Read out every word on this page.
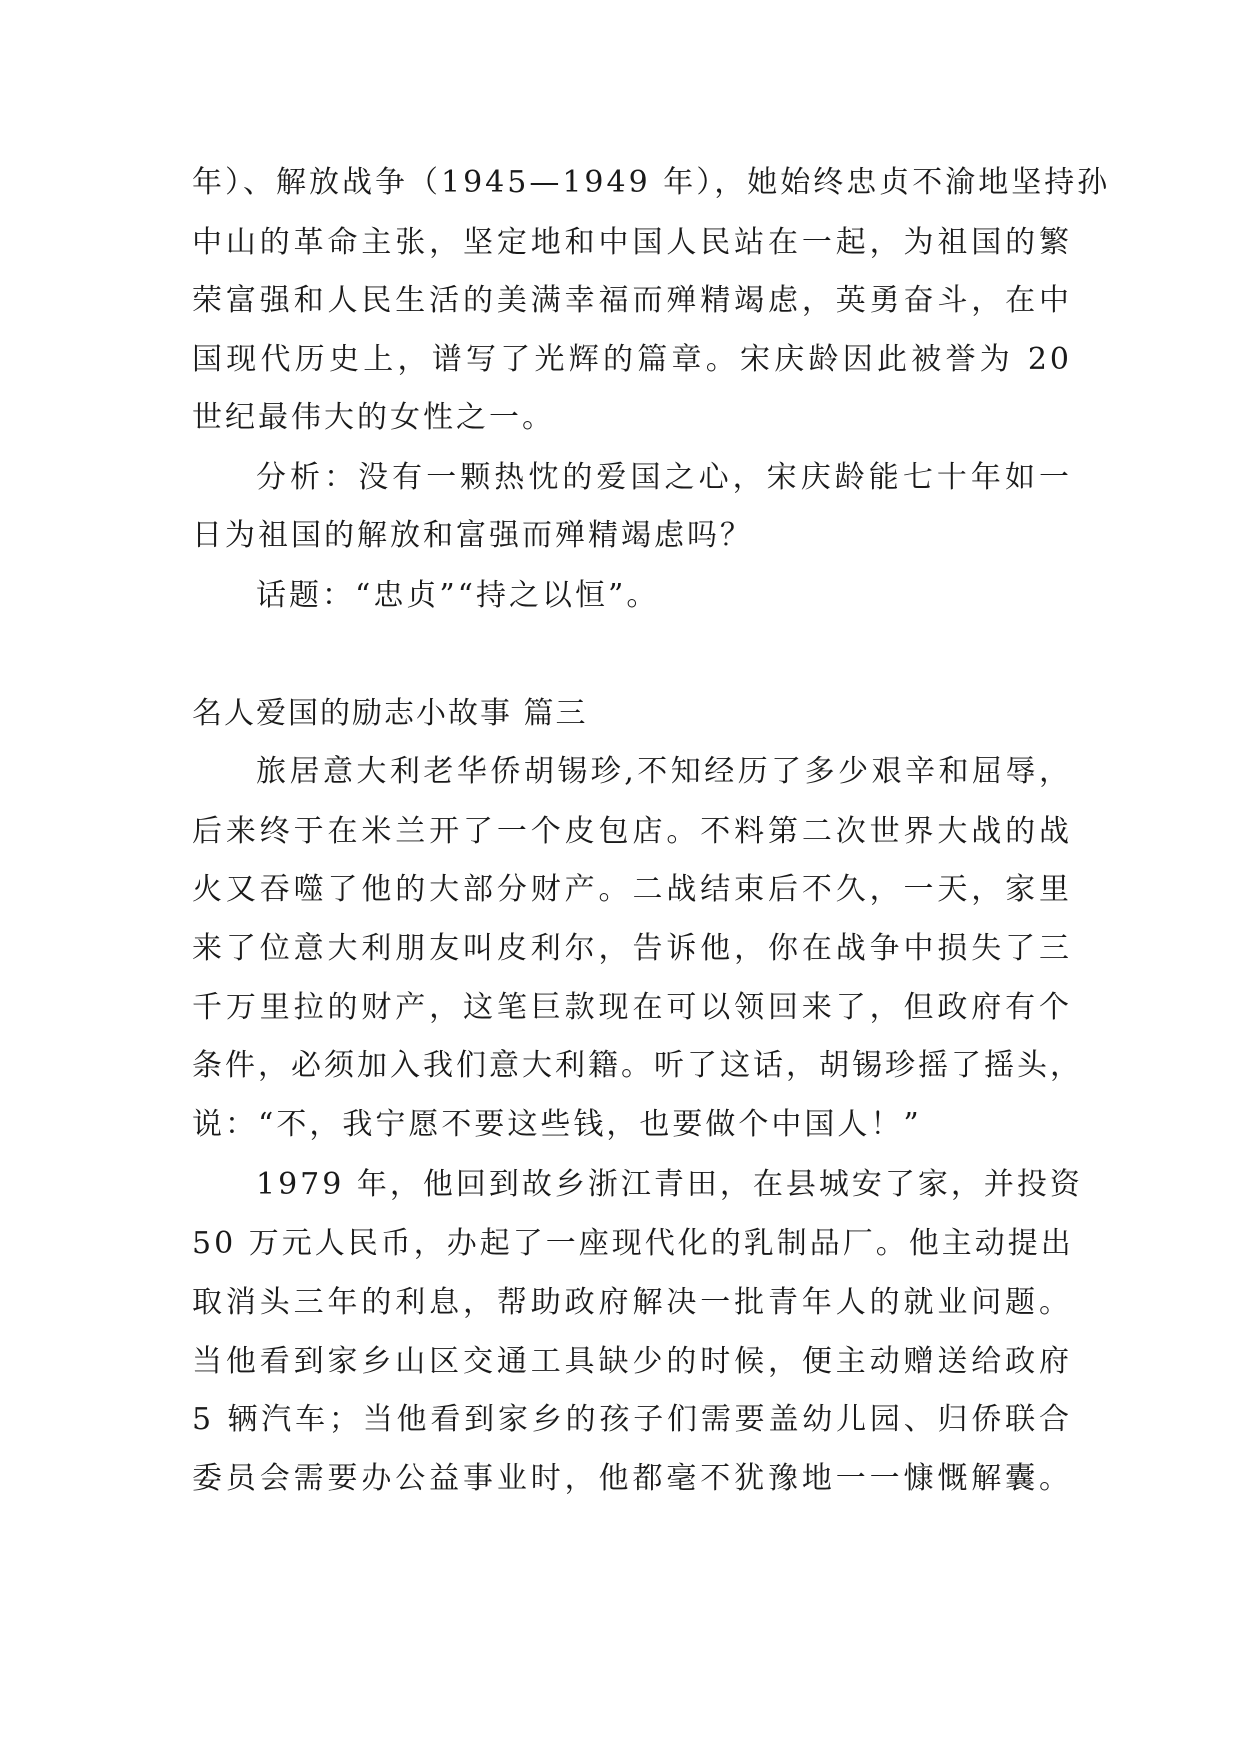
年）、解放战争（1945—1949 年），她始终忠贞不渝地坚持孙
中山的革命主张，坚定地和中国人民站在一起，为祖国的繁
荣富强和人民生活的美满幸福而殚精竭虑，英勇奋斗，在中
国现代历史上，谱写了光辉的篇章。宋庆龄因此被誉为 20
世纪最伟大的女性之一。
分析：没有一颗热忱的爱国之心，宋庆龄能七十年如一
日为祖国的解放和富强而殚精竭虑吗？
话题：“忠贞”“持之以恒”。
名人爱国的励志小故事 篇三
旅居意大利老华侨胡锡珍,不知经历了多少艰辛和屈辱，
后来终于在米兰开了一个皮包店。不料第二次世界大战的战
火又吞噬了他的大部分财产。二战结束后不久，一天，家里
来了位意大利朋友叫皮利尔，告诉他，你在战争中损失了三
千万里拉的财产，这笔巨款现在可以领回来了，但政府有个
条件，必须加入我们意大利籍。听了这话，胡锡珍摇了摇头，
说：“不，我宁愿不要这些钱，也要做个中国人！”
1979 年，他回到故乡浙江青田，在县城安了家，并投资
50 万元人民币，办起了一座现代化的乳制品厂。他主动提出
取消头三年的利息，帮助政府解决一批青年人的就业问题。
当他看到家乡山区交通工具缺少的时候，便主动赠送给政府
5 辆汽车；当他看到家乡的孩子们需要盖幼儿园、归侨联合
委员会需要办公益事业时，他都毫不犹豫地一一慷慨解囊。
